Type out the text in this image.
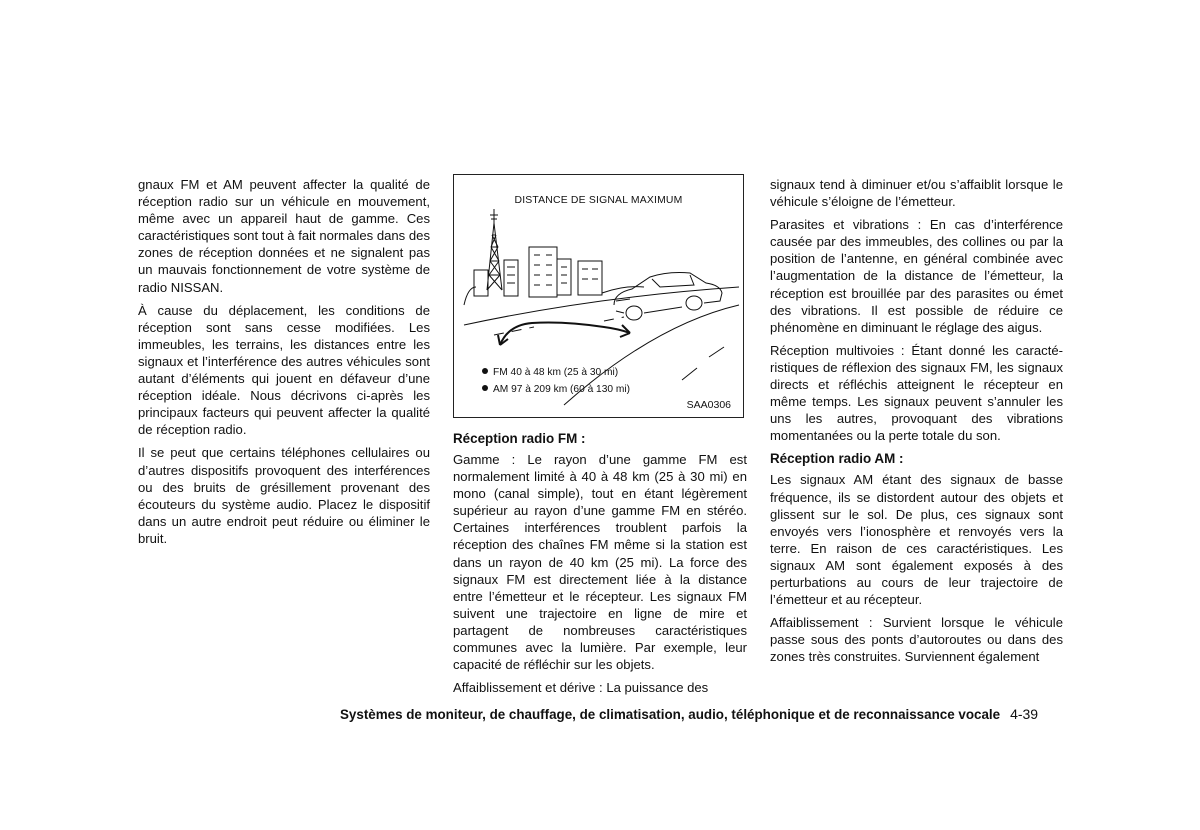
gnaux FM et AM peuvent affecter la qualité de réception radio sur un véhicule en mouvement, même avec un appareil haut de gamme. Ces caractéristiques sont tout à fait normales dans des zones de réception données et ne signalent pas un mauvais fonctionnement de votre système de radio NISSAN.

À cause du déplacement, les conditions de réception sont sans cesse modifiées. Les immeubles, les terrains, les distances entre les signaux et l’interférence des autres véhicules sont autant d’éléments qui jouent en défaveur d’une réception idéale. Nous décrivons ci-après les principaux facteurs qui peuvent affecter la qualité de réception radio.

Il se peut que certains téléphones cellulaires ou d’autres dispositifs provoquent des interférences ou des bruits de grésillement provenant des écouteurs du système audio. Placez le dispositif dans un autre endroit peut réduire ou éliminer le bruit.

DISTANCE DE SIGNAL MAXIMUM
FM 40 à 48 km (25 à 30 mi)
AM 97 à 209 km (60 à 130 mi)
SAA0306
Réception radio FM :

Gamme : Le rayon d’une gamme FM est normalement limité à 40 à 48 km (25 à 30 mi) en mono (canal simple), tout en étant légèrement supérieur au rayon d’une gamme FM en stéréo. Certaines interférences troublent parfois la réception des chaînes FM même si la station est dans un rayon de 40 km (25 mi). La force des signaux FM est directement liée à la distance entre l’émetteur et le récepteur. Les signaux FM suivent une trajectoire en ligne de mire et partagent de nombreuses caractéristiques communes avec la lumière. Par exemple, leur capacité de réfléchir sur les objets.

Affaiblissement et dérive : La puissance des

signaux tend à diminuer et/ou s’affaiblit lorsque le véhicule s’éloigne de l’émetteur.

Parasites et vibrations : En cas d’interférence causée par des immeubles, des collines ou par la position de l’antenne, en général combinée avec l’augmentation de la distance de l’émetteur, la réception est brouillée par des parasites ou émet des vibrations. Il est possible de réduire ce phénomène en diminuant le réglage des aigus.

Réception multivoies : Étant donné les caractéristiques de réflexion des signaux FM, les signaux directs et réfléchis atteignent le récepteur en même temps. Les signaux peuvent s’annuler les uns les autres, provoquant des vibrations momentanées ou la perte totale du son.

Réception radio AM :

Les signaux AM étant des signaux de basse fréquence, ils se distordent autour des objets et glissent sur le sol. De plus, ces signaux sont envoyés vers l’ionosphère et renvoyés vers la terre. En raison de ces caractéristiques. Les signaux AM sont également exposés à des perturbations au cours de leur trajectoire de l’émetteur et au récepteur.

Affaiblissement : Survient lorsque le véhicule passe sous des ponts d’autoroutes ou dans des zones très construites. Surviennent également

Systèmes de moniteur, de chauffage, de climatisation, audio, téléphonique et de reconnaissance vocale 4-39
